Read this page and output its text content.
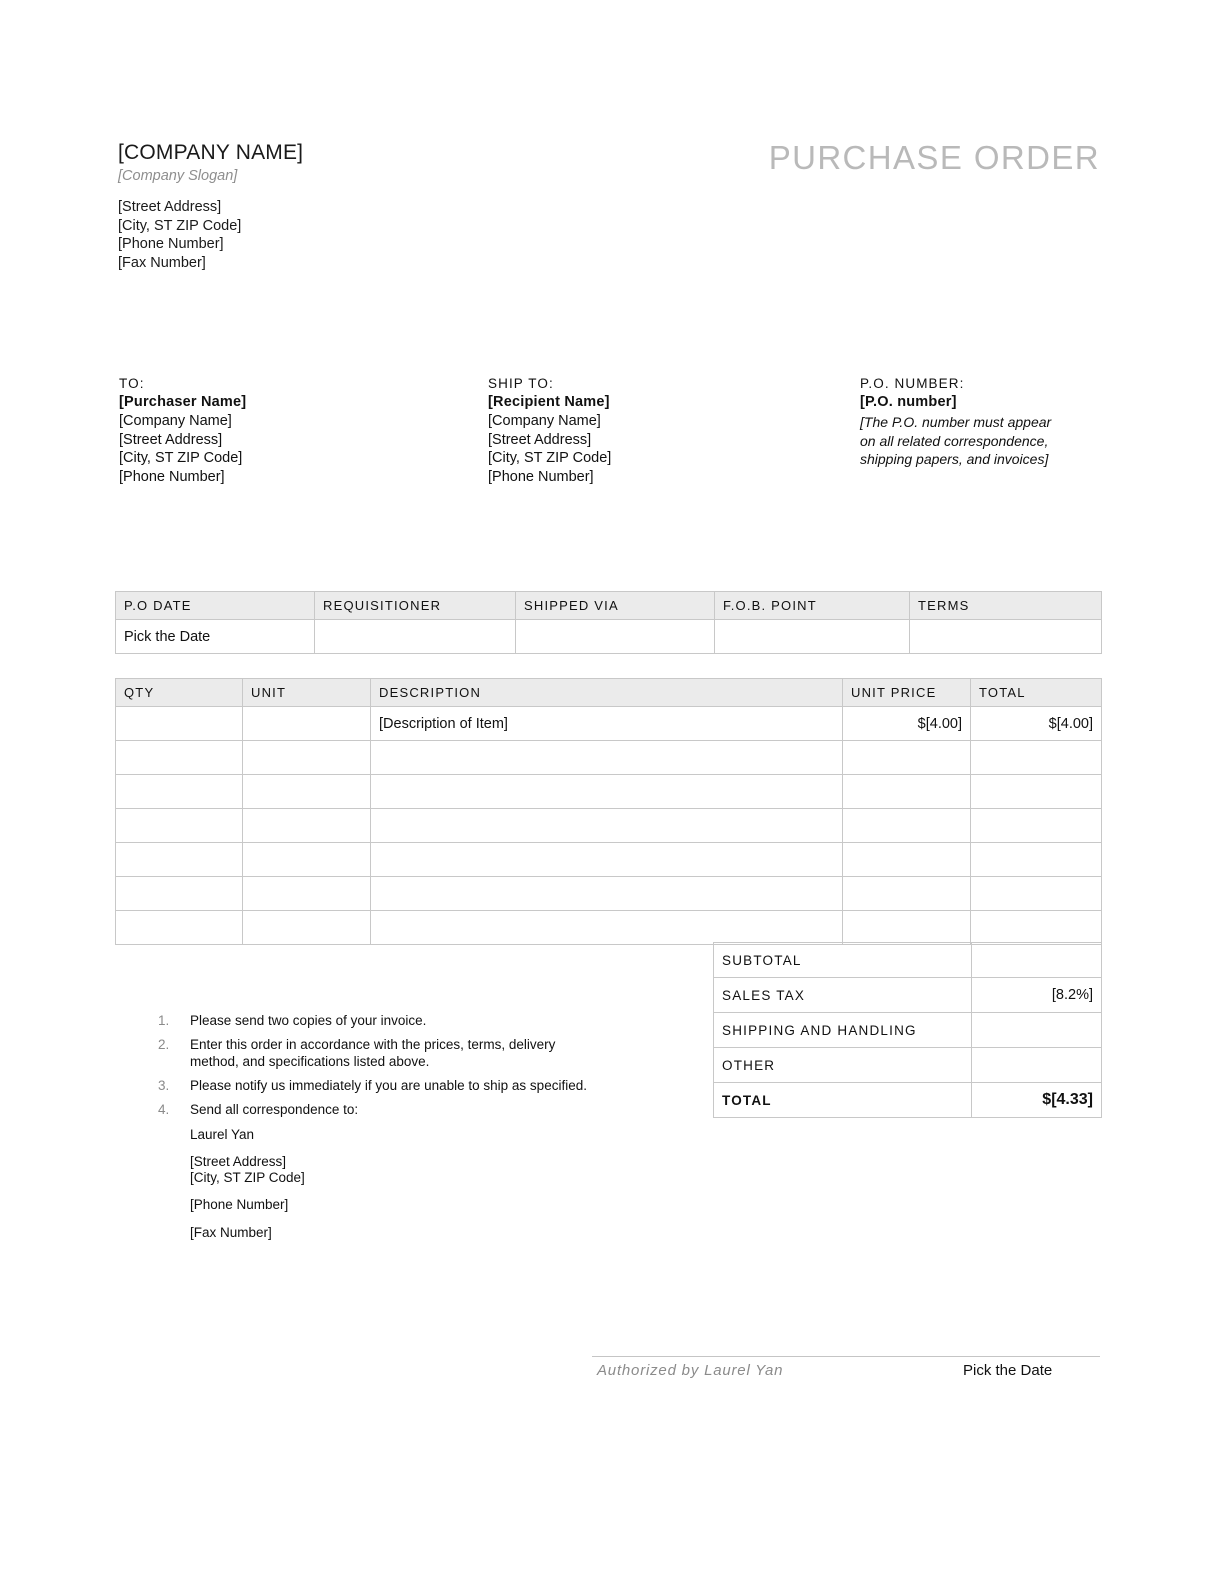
[COMPANY NAME]
[Company Slogan]
[Street Address]
[City, ST ZIP Code]
[Phone Number]
[Fax Number]
PURCHASE ORDER
TO:
[Purchaser Name]
[Company Name]
[Street Address]
[City, ST ZIP Code]
[Phone Number]
SHIP TO:
[Recipient Name]
[Company Name]
[Street Address]
[City, ST ZIP Code]
[Phone Number]
P.O. NUMBER:
[P.O. number]
[The P.O. number must appear
on all related correspondence,
shipping papers, and invoices]
P.O DATE	REQUISITIONER	SHIPPED VIA	F.O.B. POINT	TERMS
Pick the Date				
QTY	UNIT	DESCRIPTION	UNIT PRICE	TOTAL
		[Description of Item]	$[4.00]	$[4.00]

SUBTOTAL	
SALES TAX	[8.2%]
SHIPPING AND HANDLING	
OTHER	
TOTAL	$[4.33]
1.	Please send two copies of your invoice.
2.	Enter this order in accordance with the prices, terms, delivery method, and specifications listed above.
3.	Please notify us immediately if you are unable to ship as specified.
4.	Send all correspondence to:
Laurel Yan
[Street Address]
[City, ST ZIP Code]
[Phone Number]
[Fax Number]
Authorized by Laurel Yan	Pick the Date
